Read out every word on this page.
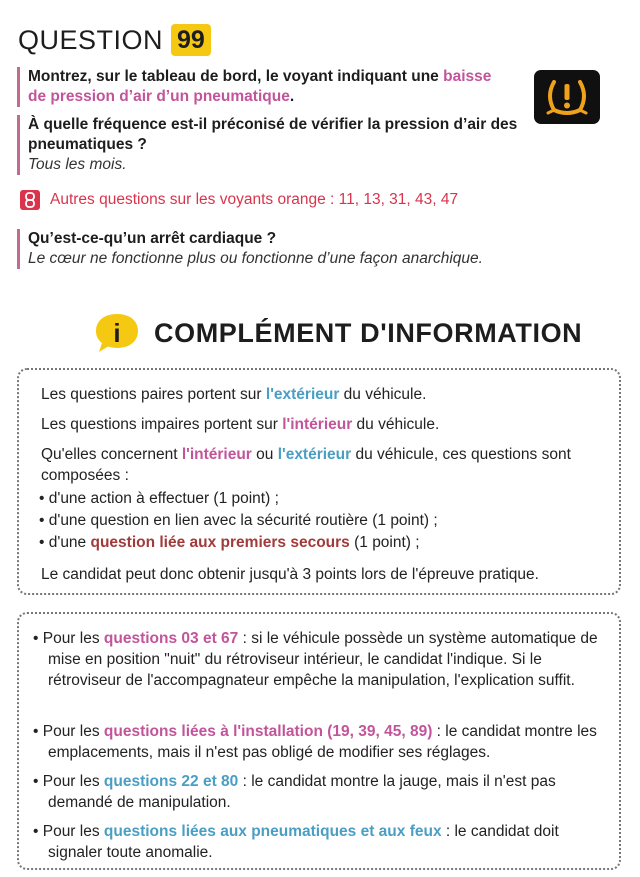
QUESTION 99
Montrez, sur le tableau de bord, le voyant indiquant une baisse
de pression d’air d’un pneumatique.
À quelle fréquence est-il préconisé de vérifier la pression d’air des pneumatiques ?
Tous les mois.
Autres questions sur les voyants orange : 11, 13, 31, 43, 47
Qu’est-ce-qu’un arrêt cardiaque ?
Le cœur ne fonctionne plus ou fonctionne d’une façon anarchique.
i COMPLÉMENT D'INFORMATION
Les questions paires portent sur l'extérieur du véhicule.
Les questions impaires portent sur l'intérieur du véhicule.
Qu'elles concernent l'intérieur ou l'extérieur du véhicule, ces questions sont
composées :
• d'une action à effectuer (1 point) ;
• d'une question en lien avec la sécurité routière (1 point) ;
• d'une question liée aux premiers secours (1 point) ;
Le candidat peut donc obtenir jusqu'à 3 points lors de l'épreuve pratique.
• Pour les questions 03 et 67 : si le véhicule possède un système automatique de mise en position "nuit" du rétroviseur intérieur, le candidat l'indique. Si le rétroviseur de l'accompagnateur empêche la manipulation, l'explication suffit.
• Pour les questions liées à l'installation (19, 39, 45, 89) : le candidat montre les emplacements, mais il n'est pas obligé de modifier ses réglages.
• Pour les questions 22 et 80 : le candidat montre la jauge, mais il n'est pas demandé de manipulation.
• Pour les questions liées aux pneumatiques et aux feux : le candidat doit signaler toute anomalie.
